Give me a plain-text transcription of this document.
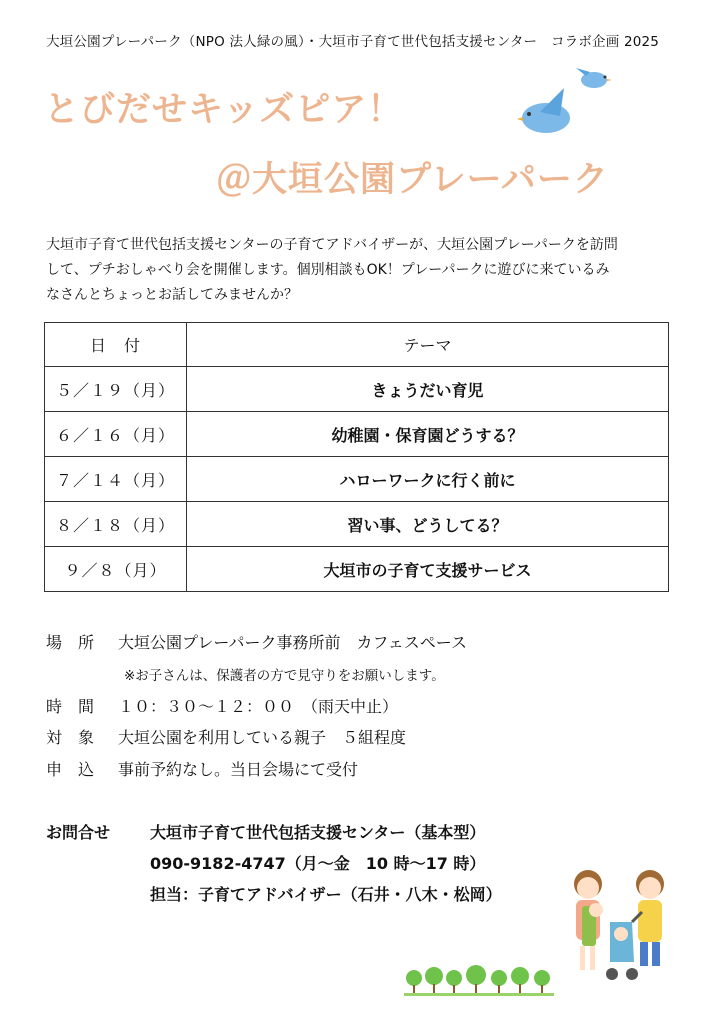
大垣公園プレーパーク（NPO 法人緑の風）・大垣市子育て世代包括支援センター　コラボ企画 2025
とびだせキッズピア！
＠大垣公園プレーパーク
大垣市子育て世代包括支援センターの子育てアドバイザーが、大垣公園プレーパークを訪問
して、プチおしゃべり会を開催します。個別相談もOK！プレーパークに遊びに来ているみ
なさんとちょっとお話してみませんか？
日　付	テーマ
５／１９（月）	きょうだい育児
６／１６（月）	幼稚園・保育園どうする？
７／１４（月）	ハローワークに行く前に
８／１８（月）	習い事、どうしてる？
９／８（月）	大垣市の子育て支援サービス
場　所 大垣公園プレーパーク事務所前　カフェスペース
※お子さんは、保護者の方で見守りをお願いします。
時　間 １０：３０～１２：００　（雨天中止）
対　象 大垣公園を利用している親子　５組程度
申　込 事前予約なし。当日会場にて受付
お問合せ 大垣市子育て世代包括支援センター（基本型）
090-9182-4747（月～金　10 時～17 時）
担当：子育てアドバイザー（石井・八木・松岡）
